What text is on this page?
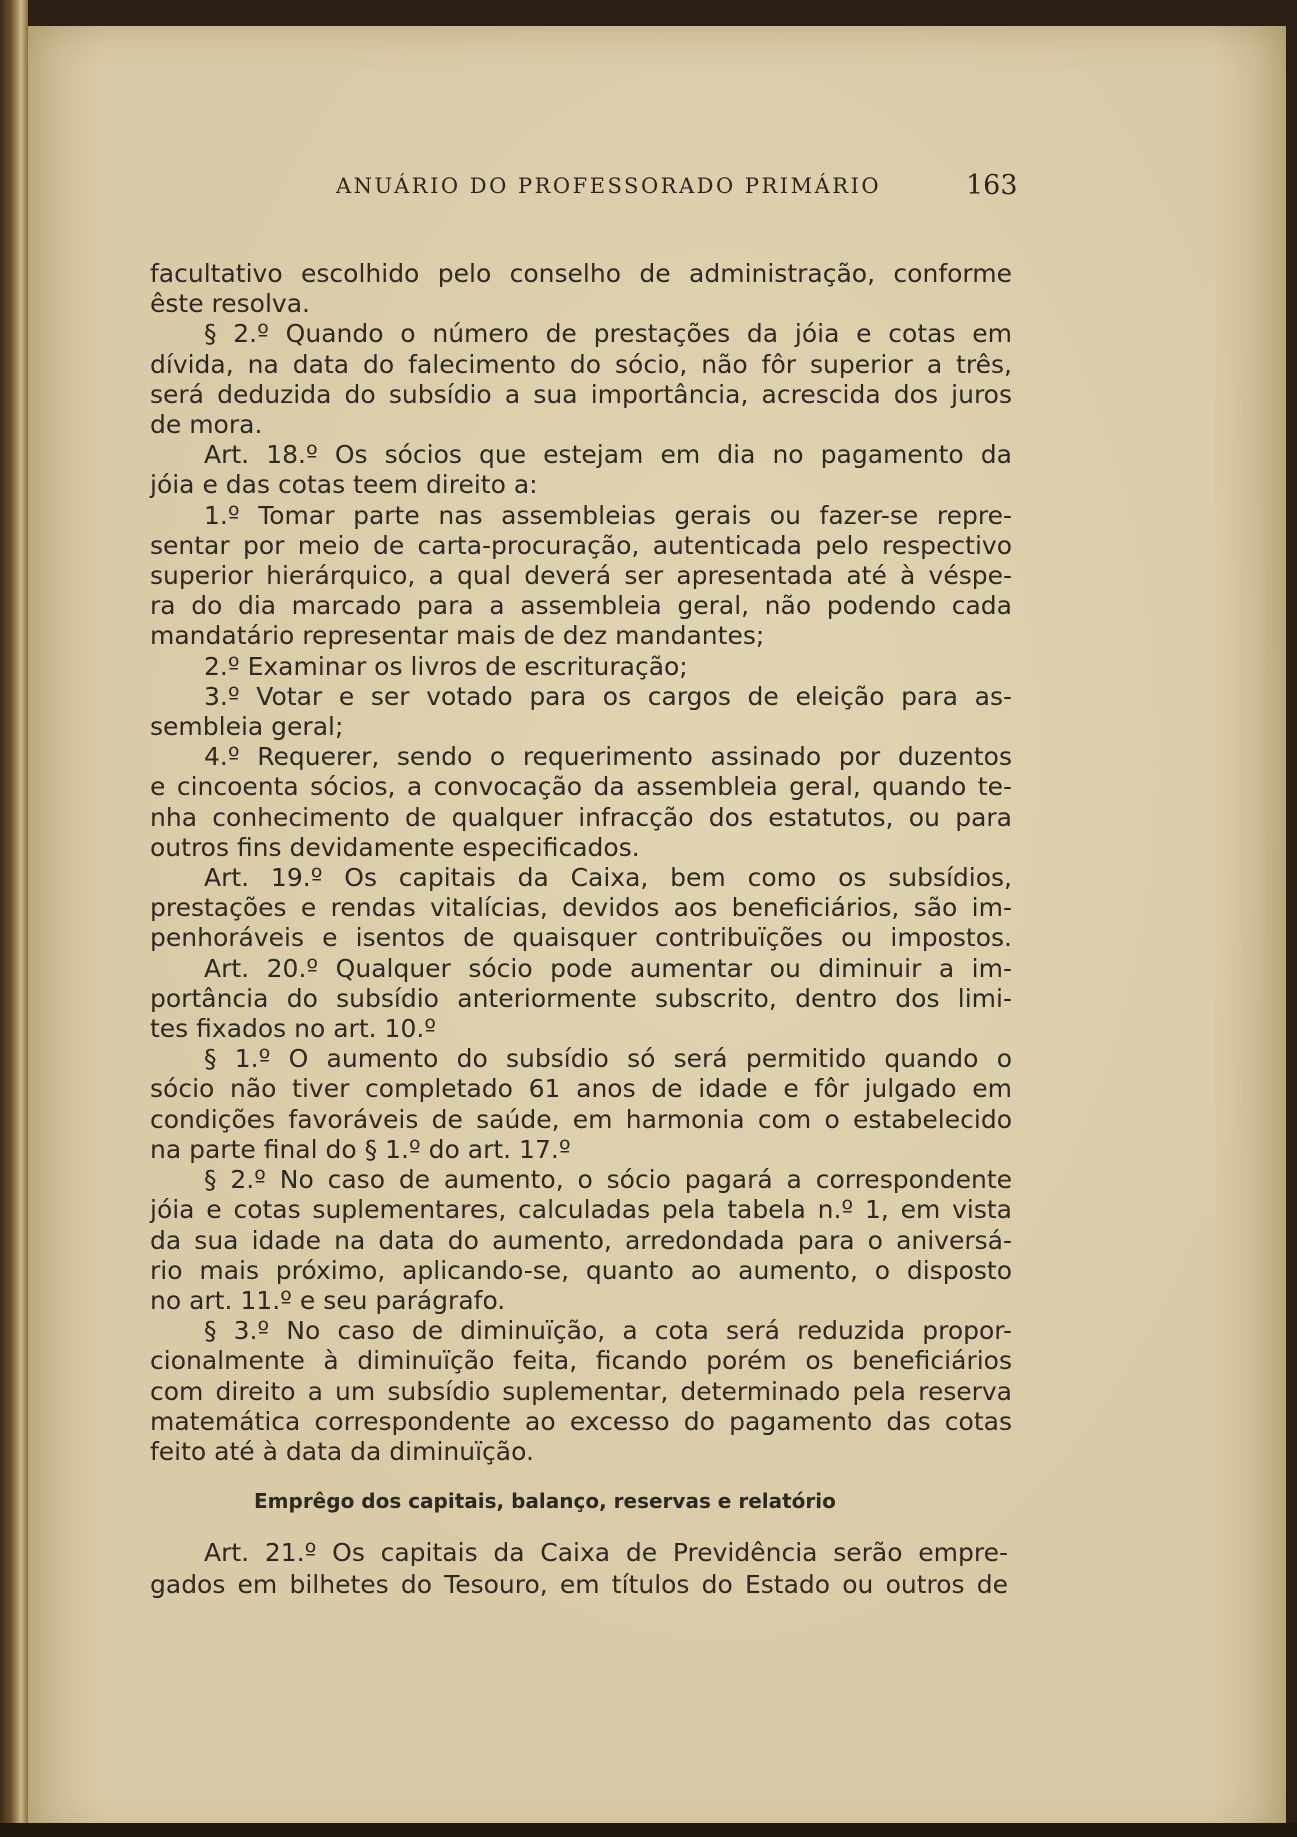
ANUÁRIO DO PROFESSORADO PRIMÁRIO	163
facultativo escolhido pelo conselho de administração, conforme
êste resolva.
§ 2.º Quando o número de prestações da jóia e cotas em
dívida, na data do falecimento do sócio, não fôr superior a três,
será deduzida do subsídio a sua importância, acrescida dos juros
de mora.
Art. 18.º Os sócios que estejam em dia no pagamento da
jóia e das cotas teem direito a:
1.º Tomar parte nas assembleias gerais ou fazer-se repre-
sentar por meio de carta-procuração, autenticada pelo respectivo
superior hierárquico, a qual deverá ser apresentada até à véspe-
ra do dia marcado para a assembleia geral, não podendo cada
mandatário representar mais de dez mandantes;
2.º Examinar os livros de escrituração;
3.º Votar e ser votado para os cargos de eleição para as-
sembleia geral;
4.º Requerer, sendo o requerimento assinado por duzentos
e cincoenta sócios, a convocação da assembleia geral, quando te-
nha conhecimento de qualquer infracção dos estatutos, ou para
outros fins devidamente especificados.
Art. 19.º Os capitais da Caixa, bem como os subsídios,
prestações e rendas vitalícias, devidos aos beneficiários, são im-
penhoráveis e isentos de quaisquer contribuïções ou impostos.
Art. 20.º Qualquer sócio pode aumentar ou diminuir a im-
portância do subsídio anteriormente subscrito, dentro dos limi-
tes fixados no art. 10.º
§ 1.º O aumento do subsídio só será permitido quando o
sócio não tiver completado 61 anos de idade e fôr julgado em
condições favoráveis de saúde, em harmonia com o estabelecido
na parte final do § 1.º do art. 17.º
§ 2.º No caso de aumento, o sócio pagará a correspondente
jóia e cotas suplementares, calculadas pela tabela n.º 1, em vista
da sua idade na data do aumento, arredondada para o aniversá-
rio mais próximo, aplicando-se, quanto ao aumento, o disposto
no art. 11.º e seu parágrafo.
§ 3.º No caso de diminuïção, a cota será reduzida propor-
cionalmente à diminuïção feita, ficando porém os beneficiários
com direito a um subsídio suplementar, determinado pela reserva
matemática correspondente ao excesso do pagamento das cotas
feito até à data da diminuïção.
Emprêgo dos capitais, balanço, reservas e relatório
Art. 21.º Os capitais da Caixa de Previdência serão empre-
gados em bilhetes do Tesouro, em títulos do Estado ou outros de
